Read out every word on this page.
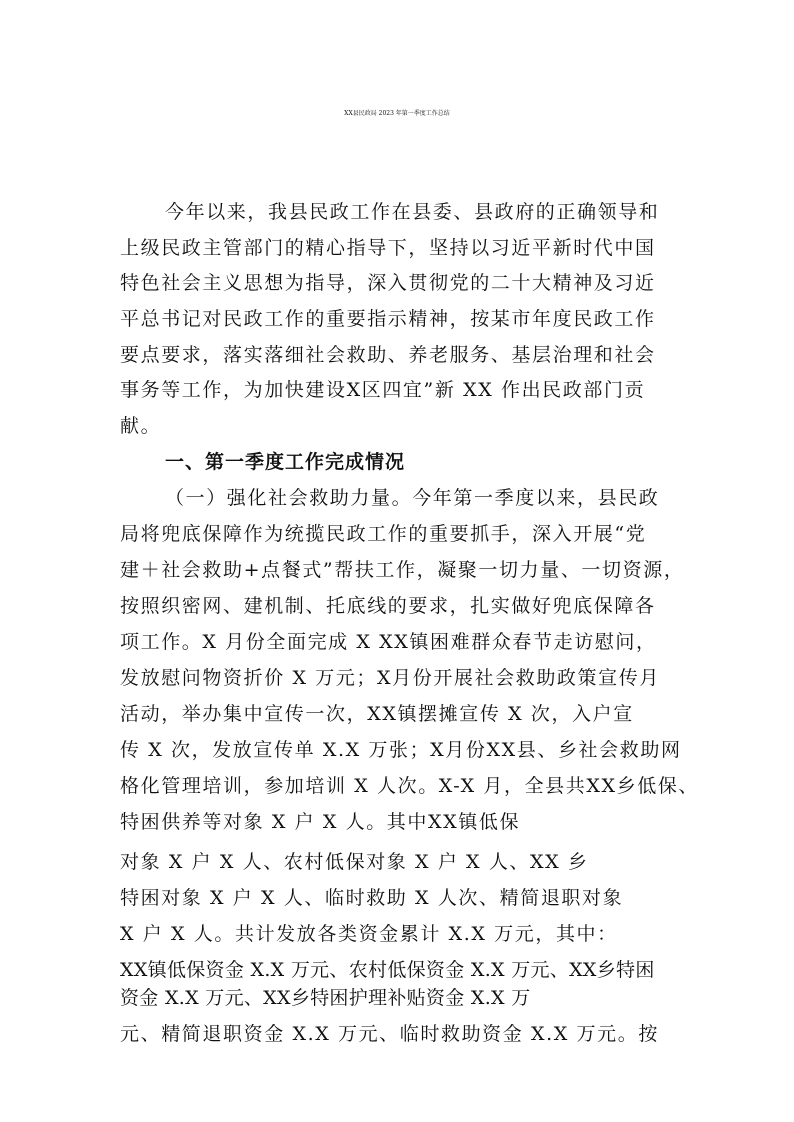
XX县民政局 2023 年第一季度工作总结
今年以来，我县民政工作在县委、县政府的正确领导和
上级民政主管部门的精心指导下，坚持以习近平新时代中国
特色社会主义思想为指导，深入贯彻党的二十大精神及习近
平总书记对民政工作的重要指示精神，按某市年度民政工作
要点要求，落实落细社会救助、养老服务、基层治理和社会
事务等工作，为加快建设X区四宜”新 XX 作出民政部门贡
献。
一、第一季度工作完成情况
（一）强化社会救助力量。今年第一季度以来，县民政
局将兜底保障作为统揽民政工作的重要抓手，深入开展“党
建＋社会救助+点餐式”帮扶工作，凝聚一切力量、一切资源，
按照织密网、建机制、托底线的要求，扎实做好兜底保障各
项工作。X 月份全面完成 X XX镇困难群众春节走访慰问，
发放慰问物资折价 X 万元；X月份开展社会救助政策宣传月
活动，举办集中宣传一次，XX镇摆摊宣传 X 次，入户宣
传 X 次，发放宣传单 X.X 万张；X月份XX县、乡社会救助网
格化管理培训，参加培训 X 人次。X-X 月，全县共XX乡低保、
特困供养等对象 X 户 X 人。其中XX镇低保
对象 X 户 X 人、农村低保对象 X 户 X 人、XX 乡
特困对象 X 户 X 人、临时救助 X 人次、精简退职对象
X 户 X 人。共计发放各类资金累计 X.X 万元，其中：
XX镇低保资金 X.X 万元、农村低保资金 X.X 万元、XX乡特困
资金 X.X 万元、XX乡特困护理补贴资金 X.X 万
元、精简退职资金 X.X 万元、临时救助资金 X.X 万元。按
